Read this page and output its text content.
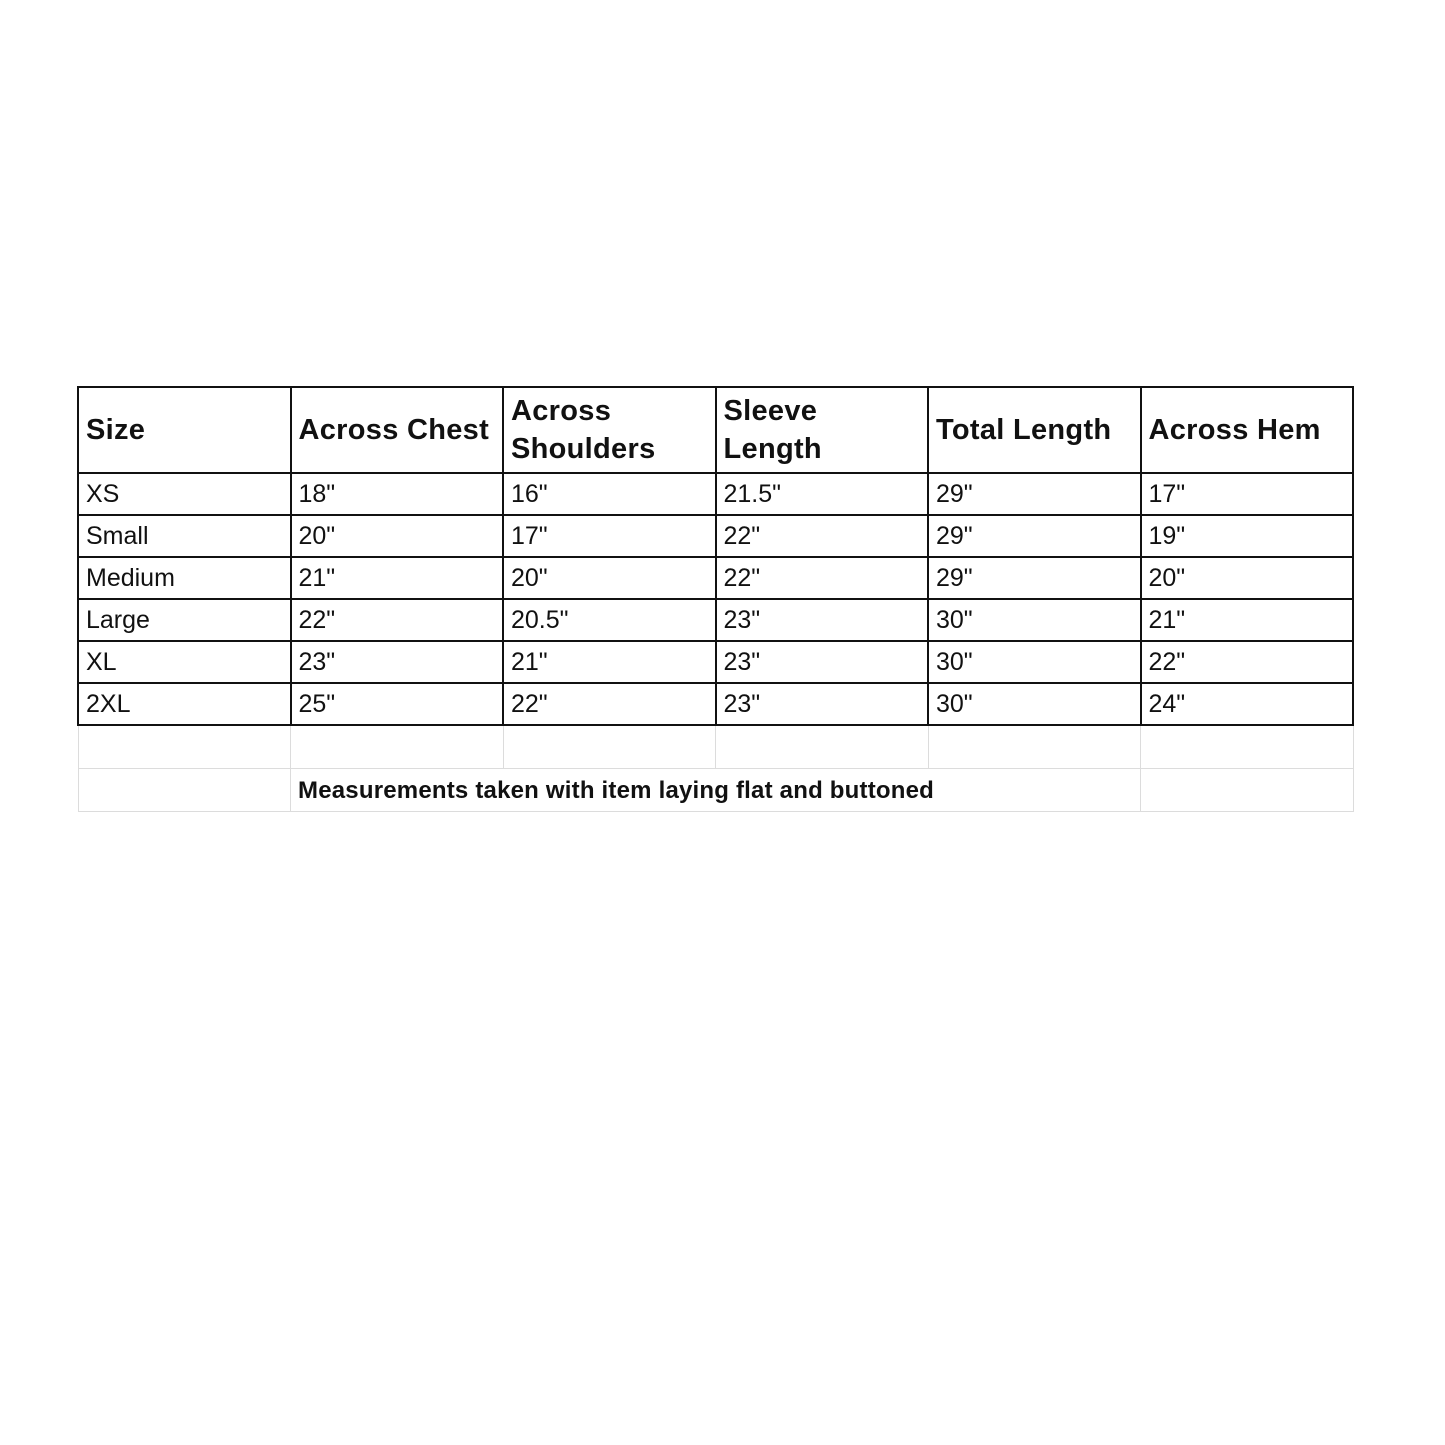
Size	Across Chest	Across Shoulders	Sleeve Length	Total Length	Across Hem
XS	18"	16"	21.5"	29"	17"
Small	20"	17"	22"	29"	19"
Medium	21"	20"	22"	29"	20"
Large	22"	20.5"	23"	30"	21"
XL	23"	21"	23"	30"	22"
2XL	25"	22"	23"	30"	24"

	Measurements taken with item laying flat and buttoned				
